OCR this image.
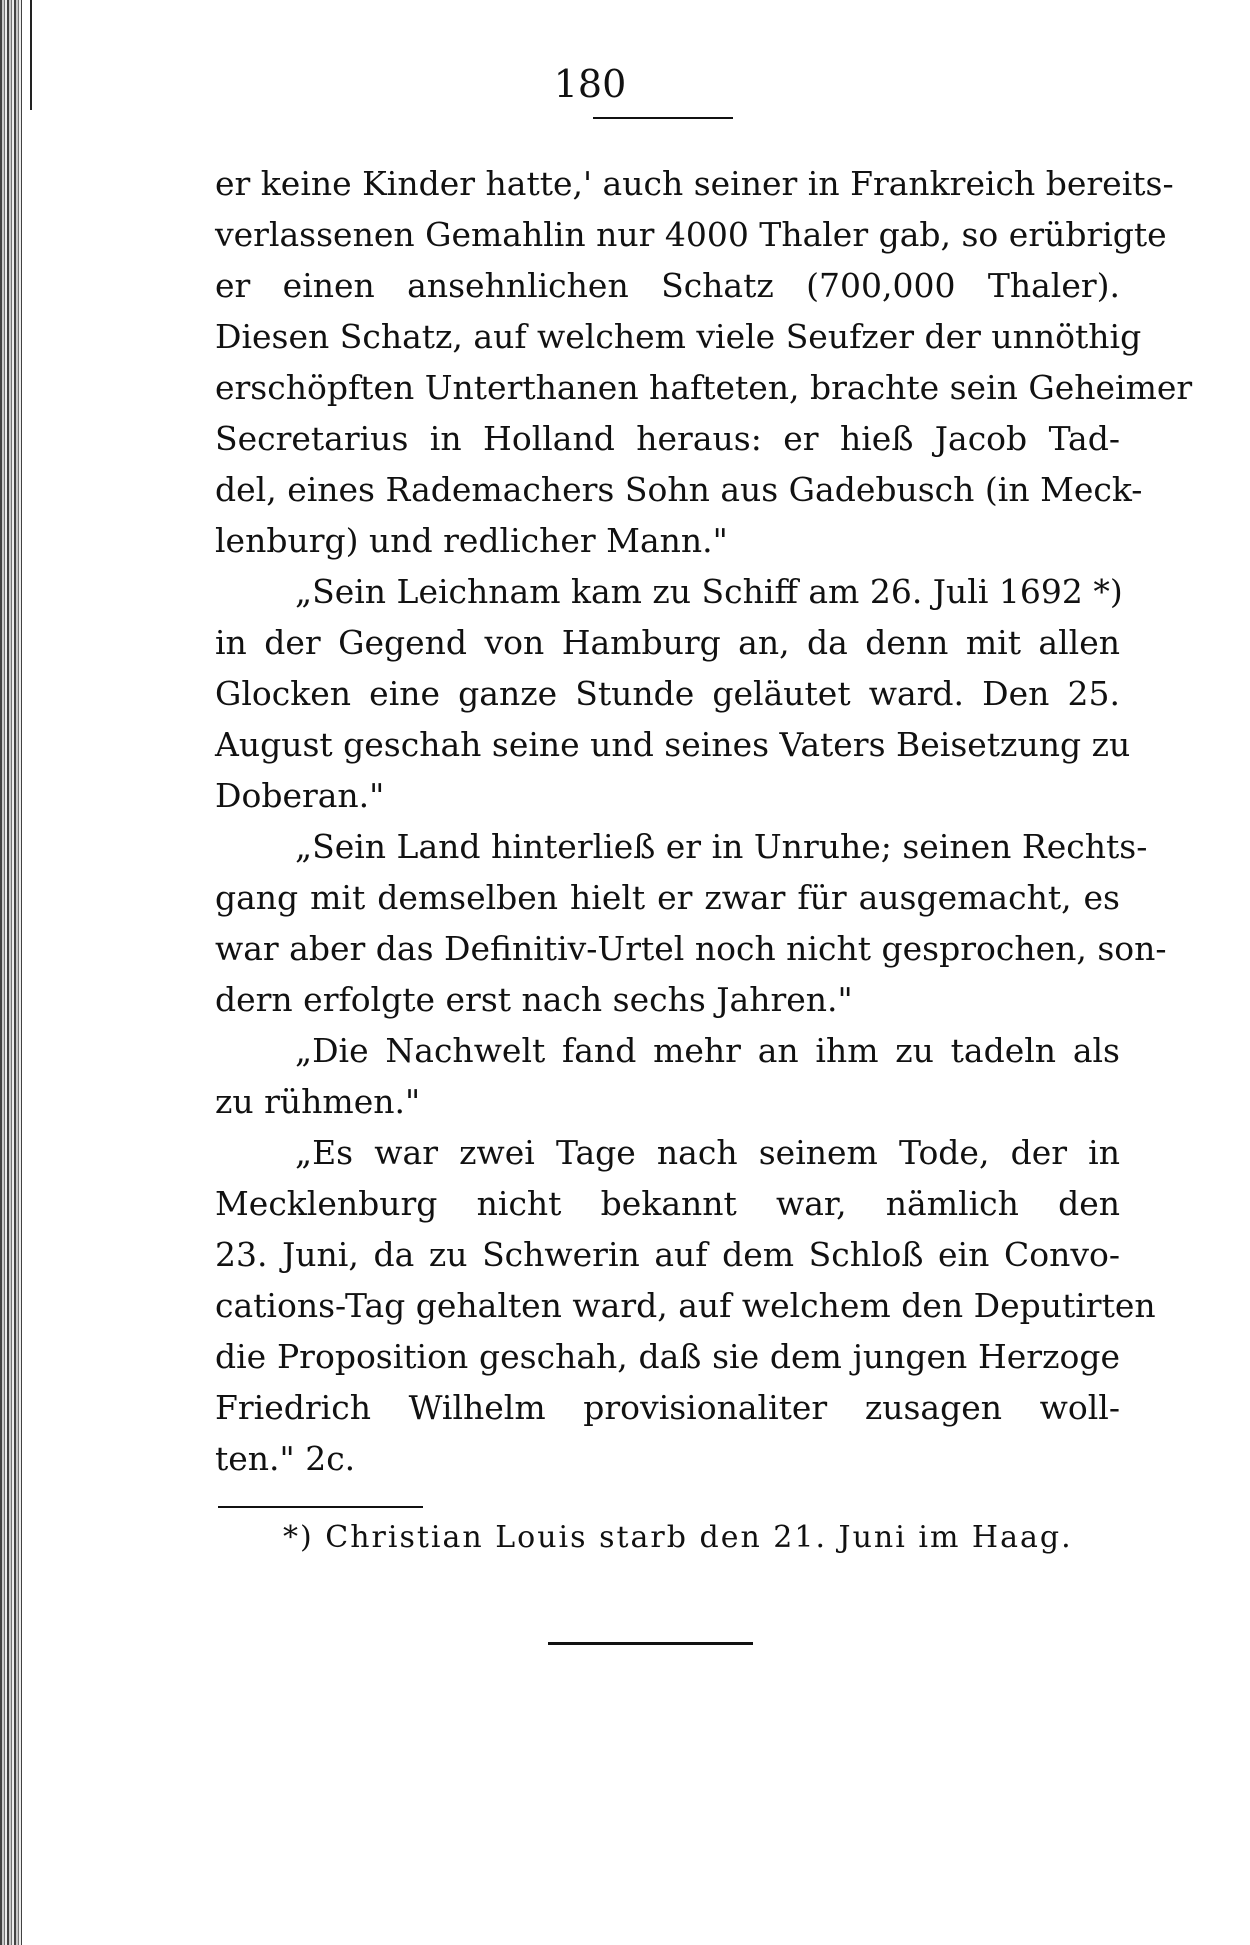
180
er keine Kinder hatte,' auch seiner in Frankreich bereits-
verlassenen Gemahlin nur 4000 Thaler gab, so erübrigte
er einen ansehnlichen Schatz (700,000 Thaler).
Diesen Schatz, auf welchem viele Seufzer der unnöthig
erschöpften Unterthanen hafteten, brachte sein Geheimer
Secretarius in Holland heraus: er hieß Jacob Tad-
del, eines Rademachers Sohn aus Gadebusch (in Meck-
lenburg) und redlicher Mann."
„Sein Leichnam kam zu Schiff am 26. Juli 1692 *)
in der Gegend von Hamburg an, da denn mit allen
Glocken eine ganze Stunde geläutet ward. Den 25.
August geschah seine und seines Vaters Beisetzung zu
Doberan."
„Sein Land hinterließ er in Unruhe; seinen Rechts-
gang mit demselben hielt er zwar für ausgemacht, es
war aber das Definitiv-Urtel noch nicht gesprochen, son-
dern erfolgte erst nach sechs Jahren."
„Die Nachwelt fand mehr an ihm zu tadeln als
zu rühmen."
„Es war zwei Tage nach seinem Tode, der in
Mecklenburg nicht bekannt war, nämlich den
23. Juni, da zu Schwerin auf dem Schloß ein Convo-
cations-Tag gehalten ward, auf welchem den Deputirten
die Proposition geschah, daß sie dem jungen Herzoge
Friedrich Wilhelm provisionaliter zusagen woll-
ten." 2c.
*) Christian Louis starb den 21. Juni im Haag.
